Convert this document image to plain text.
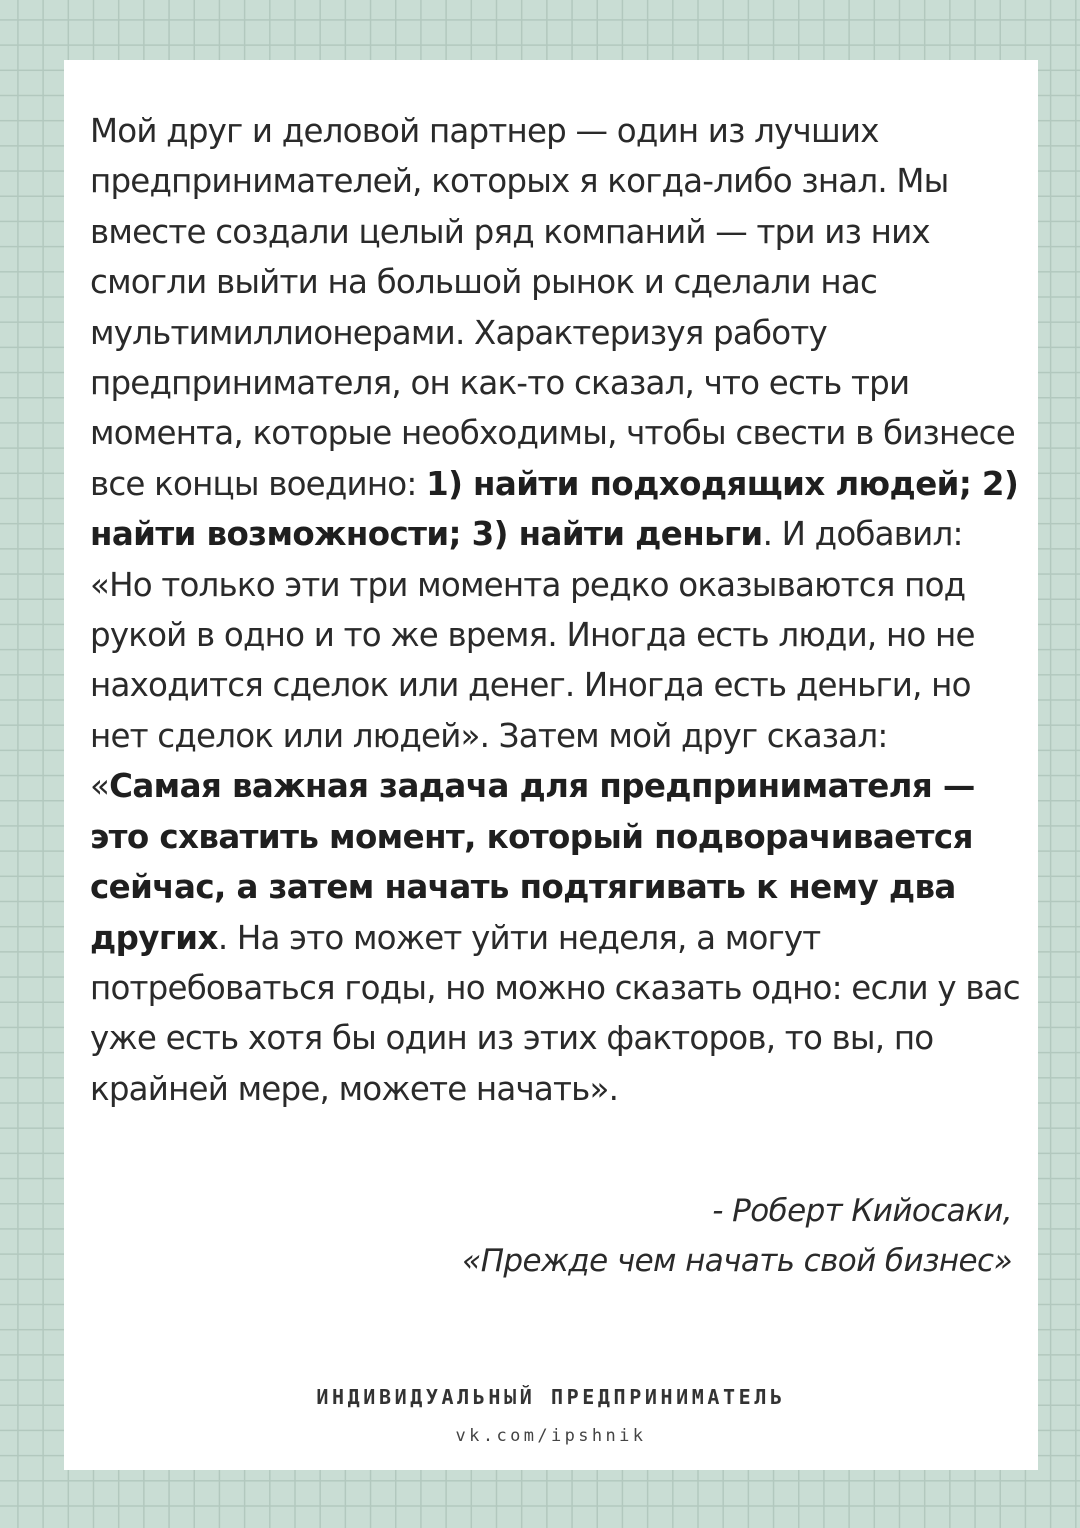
Мой друг и деловой партнер — один из лучших предпринимателей, которых я когда-либо знал. Мы вместе создали целый ряд компаний — три из них смогли выйти на большой рынок и сделали нас мультимиллионерами. Характеризуя работу предпринимателя, он как-то сказал, что есть три момента, которые необходимы, чтобы свести в бизнесе все концы воедино: 1) найти подходящих людей; 2) найти возможности; 3) найти деньги. И добавил: «Но только эти три момента редко оказываются под рукой в одно и то же время. Иногда есть люди, но не находится сделок или денег. Иногда есть деньги, но нет сделок или людей». Затем мой друг сказал: «Самая важная задача для предпринимателя — это схватить момент, который подворачивается сейчас, а затем начать подтягивать к нему два других. На это может уйти неделя, а могут потребоваться годы, но можно сказать одно: если у вас уже есть хотя бы один из этих факторов, то вы, по крайней мере, можете начать».

- Роберт Кийосаки,
«Прежде чем начать свой бизнес»
ИНДИВИДУАЛЬНЫЙ ПРЕДПРИНИМАТЕЛЬ
vk.com/ipshnik
